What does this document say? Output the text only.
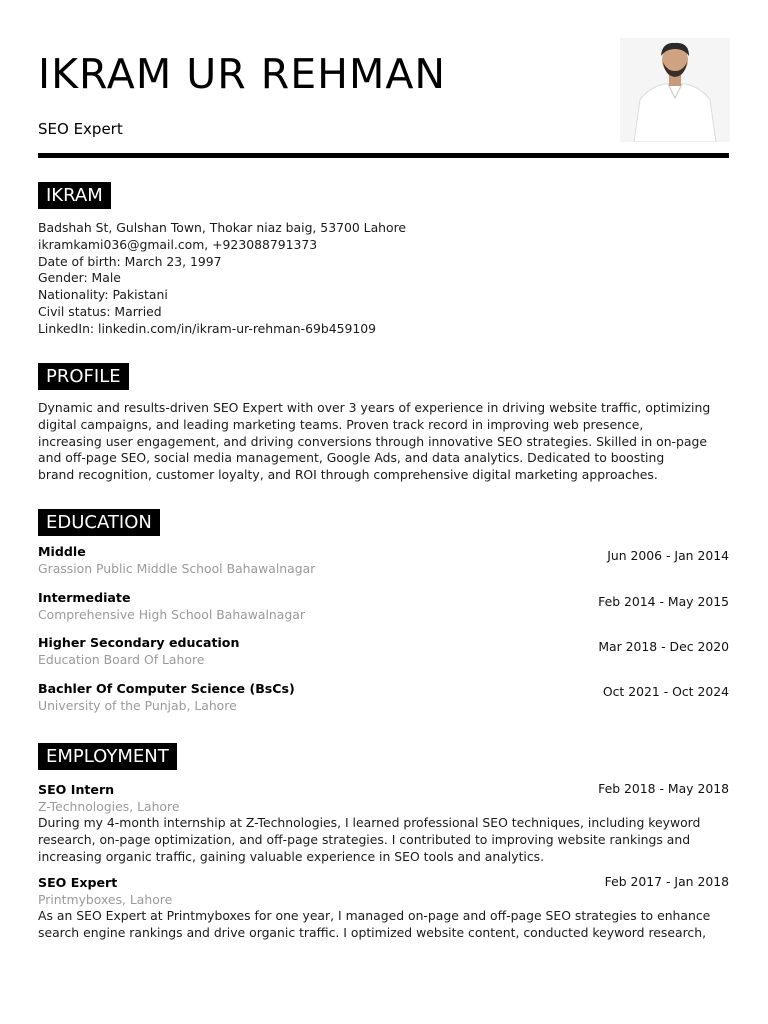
IKRAM UR REHMAN
SEO Expert
IKRAM
Badshah St, Gulshan Town, Thokar niaz baig, 53700 Lahore
ikramkami036@gmail.com, +923088791373
Date of birth: March 23, 1997
Gender: Male
Nationality: Pakistani
Civil status: Married
LinkedIn: linkedin.com/in/ikram-ur-rehman-69b459109
PROFILE
Dynamic and results-driven SEO Expert with over 3 years of experience in driving website traffic, optimizing
digital campaigns, and leading marketing teams. Proven track record in improving web presence,
increasing user engagement, and driving conversions through innovative SEO strategies. Skilled in on-page
and off-page SEO, social media management, Google Ads, and data analytics. Dedicated to boosting
brand recognition, customer loyalty, and ROI through comprehensive digital marketing approaches.
EDUCATION
Jun 2006 - Jan 2014
Middle
Grassion Public Middle School Bahawalnagar
Feb 2014 - May 2015
Intermediate
Comprehensive High School Bahawalnagar
Mar 2018 - Dec 2020
Higher Secondary education
Education Board Of Lahore
Oct 2021 - Oct 2024
Bachler Of Computer Science (BsCs)
University of the Punjab, Lahore
EMPLOYMENT
Feb 2018 - May 2018
SEO Intern
Z-Technologies, Lahore
During my 4-month internship at Z-Technologies, I learned professional SEO techniques, including keyword
research, on-page optimization, and off-page strategies. I contributed to improving website rankings and
increasing organic traffic, gaining valuable experience in SEO tools and analytics.
Feb 2017 - Jan 2018
SEO Expert
Printmyboxes, Lahore
As an SEO Expert at Printmyboxes for one year, I managed on-page and off-page SEO strategies to enhance
search engine rankings and drive organic traffic. I optimized website content, conducted keyword research,
